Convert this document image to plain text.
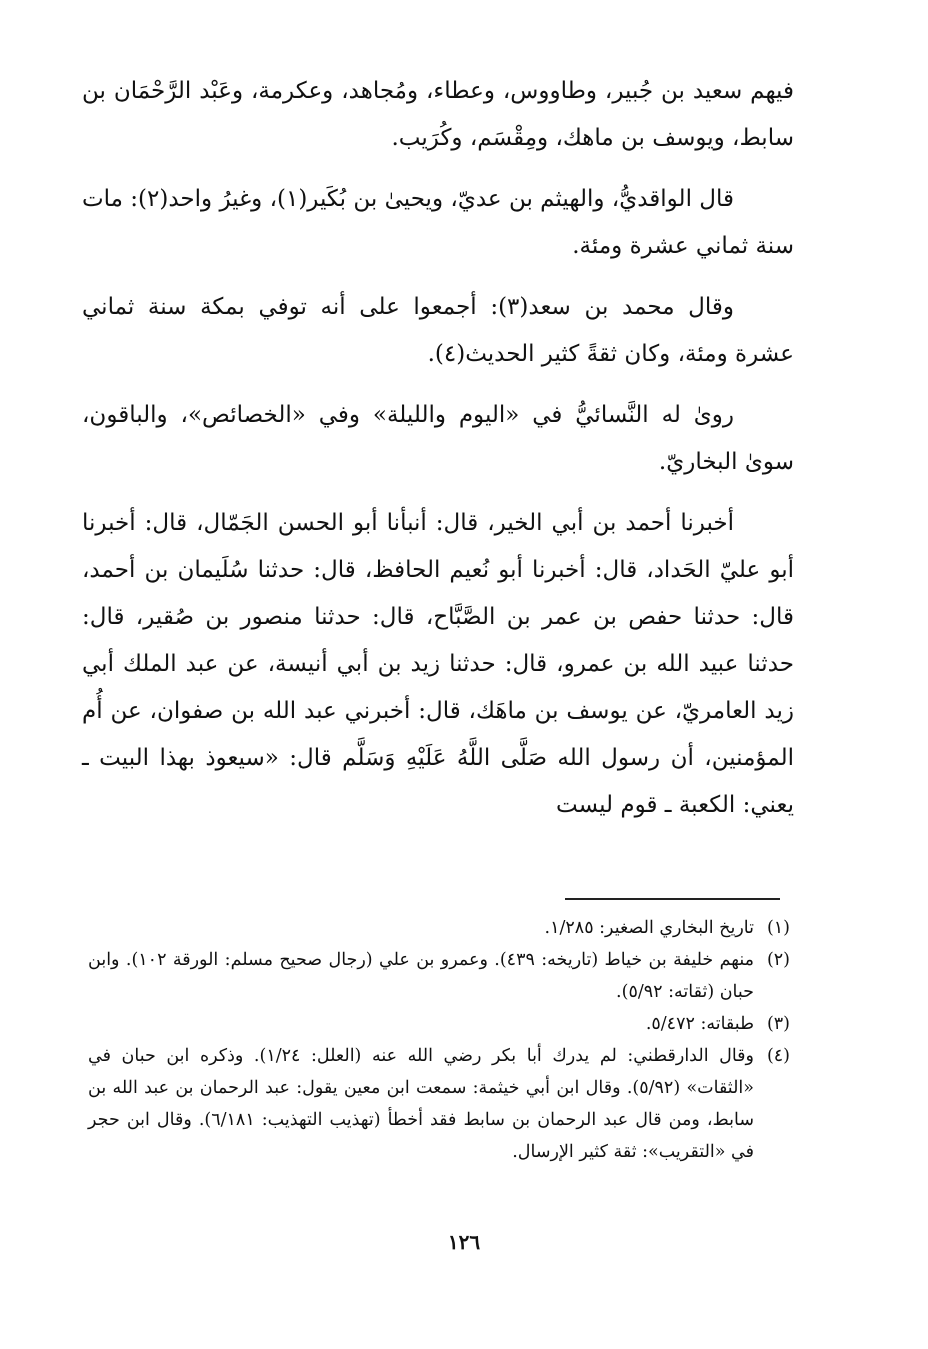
فيهم سعيد بن جُبير، وطاووس، وعطاء، ومُجاهد، وعكرمة، وعَبْد الرَّحْمَان بن سابط، ويوسف بن ماهك، ومِقْسَم، وكُرَيب.

قال الواقديُّ، والهيثم بن عديّ، ويحيىٰ بن بُكَير(١)، وغيرُ واحد(٢): مات سنة ثماني عشرة ومئة.

وقال محمد بن سعد(٣): أجمعوا على أنه توفي بمكة سنة ثماني عشرة ومئة، وكان ثقةً كثير الحديث(٤).

روىٰ له النَّسائيُّ في «اليوم والليلة» وفي «الخصائص»، والباقون، سوىٰ البخاريّ.

أخبرنا أحمد بن أبي الخير، قال: أنبأنا أبو الحسن الجَمّال، قال: أخبرنا أبو عليّ الحَداد، قال: أخبرنا أبو نُعيم الحافظ، قال: حدثنا سُلَيمان بن أحمد، قال: حدثنا حفص بن عمر بن الصَّبَّاح، قال: حدثنا منصور بن صُقير، قال: حدثنا عبيد الله بن عمرو، قال: حدثنا زيد بن أبي أنيسة، عن عبد الملك أبي زيد العامريّ، عن يوسف بن ماهَك، قال: أخبرني عبد الله بن صفوان، عن أُم المؤمنين، أن رسول الله صَلَّى اللَّهُ عَلَيْهِ وَسَلَّم قال: «سيعوذ بهذا البيت ـ يعني: الكعبة ـ قوم ليست

(١)
تاريخ البخاري الصغير: ١/٢٨٥.
(٢)
منهم خليفة بن خياط (تاريخه: ٤٣٩). وعمرو بن علي (رجال صحيح مسلم: الورقة ١٠٢). وابن حبان (ثقاته: ٥/٩٢).
(٣)
طبقاته: ٥/٤٧٢.
(٤)
وقال الدارقطني: لم يدرك أبا بكر رضي الله عنه (العلل: ١/٢٤). وذكره ابن حبان في «الثقات» (٥/٩٢). وقال ابن أبي خيثمة: سمعت ابن معين يقول: عبد الرحمان بن عبد الله بن سابط، ومن قال عبد الرحمان بن سابط فقد أخطأ (تهذيب التهذيب: ٦/١٨١). وقال ابن حجر في «التقريب»: ثقة كثير الإرسال.
١٢٦
